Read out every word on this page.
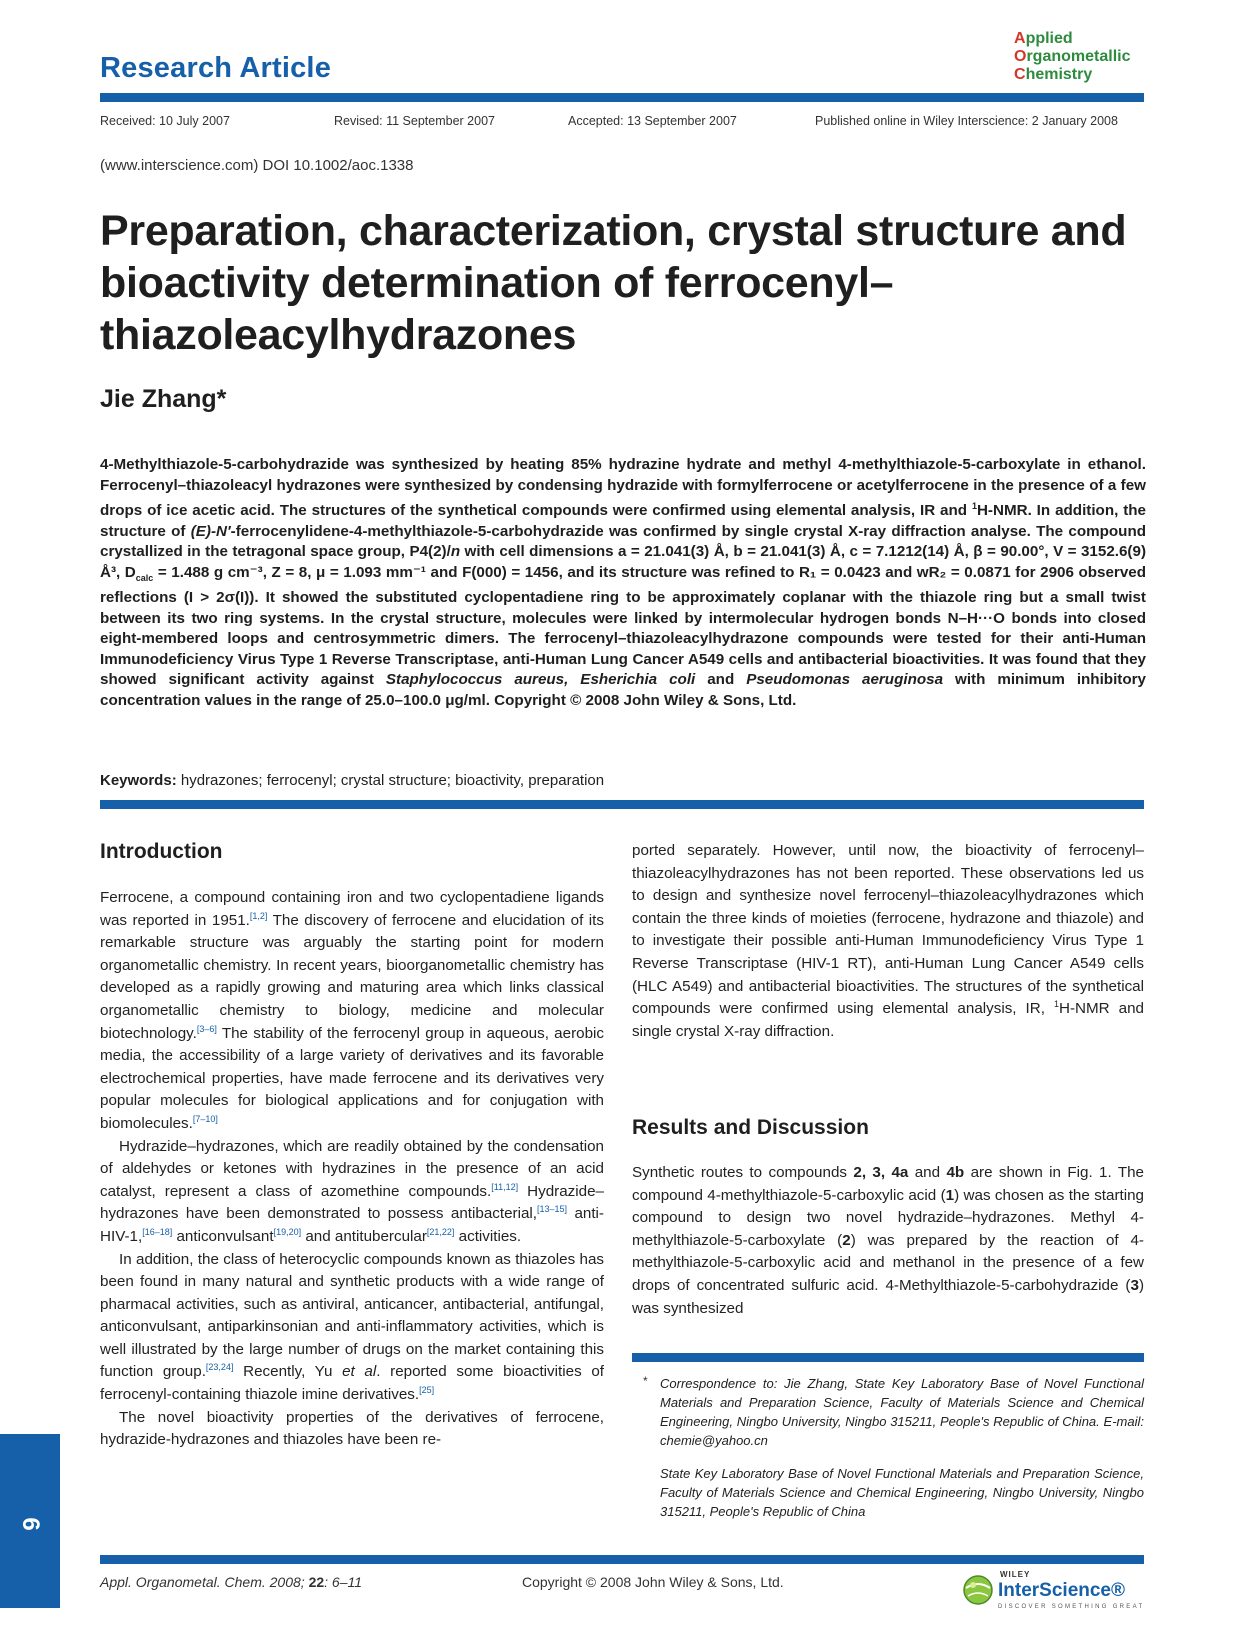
Research Article
Applied
Organometallic
Chemistry
Received: 10 July 2007	Revised: 11 September 2007	Accepted: 13 September 2007	Published online in Wiley Interscience: 2 January 2008
(www.interscience.com) DOI 10.1002/aoc.1338
Preparation, characterization, crystal structure and bioactivity determination of ferrocenyl–thiazoleacylhydrazones
Jie Zhang*
4-Methylthiazole-5-carbohydrazide was synthesized by heating 85% hydrazine hydrate and methyl 4-methylthiazole-5-carboxylate in ethanol. Ferrocenyl–thiazoleacyl hydrazones were synthesized by condensing hydrazide with formylferrocene or acetylferrocene in the presence of a few drops of ice acetic acid. The structures of the synthetical compounds were confirmed using elemental analysis, IR and $^1$H-NMR. In addition, the structure of (E)-N′-ferrocenylidene-4-methylthiazole-5-carbohydrazide was confirmed by single crystal X-ray diffraction analyse. The compound crystallized in the tetragonal space group, P4(2)/n with cell dimensions a = 21.041(3) Å, b = 21.041(3) Å, c = 7.1212(14) Å, β = 90.00°, V = 3152.6(9) Å³, $D_{calc} = 1.488$ g cm⁻³, Z = 8, μ = 1.093 mm⁻¹ and F(000) = 1456, and its structure was refined to R₁ = 0.0423 and wR₂ = 0.0871 for 2906 observed reflections (I > 2σ(I)). It showed the substituted cyclopentadiene ring to be approximately coplanar with the thiazole ring but a small twist between its two ring systems. In the crystal structure, molecules were linked by intermolecular hydrogen bonds N–H···O bonds into closed eight-membered loops and centrosymmetric dimers. The ferrocenyl–thiazoleacylhydrazone compounds were tested for their anti-Human Immunodeficiency Virus Type 1 Reverse Transcriptase, anti-Human Lung Cancer A549 cells and antibacterial bioactivities. It was found that they showed significant activity against Staphylococcus aureus, Esherichia coli and Pseudomonas aeruginosa with minimum inhibitory concentration values in the range of 25.0–100.0 μg/ml. Copyright © 2008 John Wiley & Sons, Ltd.
Keywords: hydrazones; ferrocenyl; crystal structure; bioactivity, preparation
Introduction

Ferrocene, a compound containing iron and two cyclopentadiene ligands was reported in 1951.[1,2] The discovery of ferrocene and elucidation of its remarkable structure was arguably the starting point for modern organometallic chemistry. In recent years, bioorganometallic chemistry has developed as a rapidly growing and maturing area which links classical organometallic chemistry to biology, medicine and molecular biotechnology.[3–6] The stability of the ferrocenyl group in aqueous, aerobic media, the accessibility of a large variety of derivatives and its favorable electrochemical properties, have made ferrocene and its derivatives very popular molecules for biological applications and for conjugation with biomolecules.[7–10]

Hydrazide–hydrazones, which are readily obtained by the condensation of aldehydes or ketones with hydrazines in the presence of an acid catalyst, represent a class of azomethine compounds.[11,12] Hydrazide–hydrazones have been demonstrated to possess antibacterial,[13–15] anti-HIV-1,[16–18] anticonvulsant[19,20] and antitubercular[21,22] activities.

In addition, the class of heterocyclic compounds known as thiazoles has been found in many natural and synthetic products with a wide range of pharmacal activities, such as antiviral, anticancer, antibacterial, antifungal, anticonvulsant, antiparkinsonian and anti-inflammatory activities, which is well illustrated by the large number of drugs on the market containing this function group.[23,24] Recently, Yu et al. reported some bioactivities of ferrocenyl-containing thiazole imine derivatives.[25]

The novel bioactivity properties of the derivatives of ferrocene, hydrazide-hydrazones and thiazoles have been re-

ported separately. However, until now, the bioactivity of ferrocenyl–thiazoleacylhydrazones has not been reported. These observations led us to design and synthesize novel ferrocenyl–thiazoleacylhydrazones which contain the three kinds of moieties (ferrocene, hydrazone and thiazole) and to investigate their possible anti-Human Immunodeficiency Virus Type 1 Reverse Transcriptase (HIV-1 RT), anti-Human Lung Cancer A549 cells (HLC A549) and antibacterial bioactivities. The structures of the synthetical compounds were confirmed using elemental analysis, IR, $^1$H-NMR and single crystal X-ray diffraction.

Results and Discussion

Synthetic routes to compounds 2, 3, 4a and 4b are shown in Fig. 1. The compound 4-methylthiazole-5-carboxylic acid (1) was chosen as the starting compound to design two novel hydrazide–hydrazones. Methyl 4-methylthiazole-5-carboxylate (2) was prepared by the reaction of 4-methylthiazole-5-carboxylic acid and methanol in the presence of a few drops of concentrated sulfuric acid. 4-Methylthiazole-5-carbohydrazide (3) was synthesized

* Correspondence to: Jie Zhang, State Key Laboratory Base of Novel Functional Materials and Preparation Science, Faculty of Materials Science and Chemical Engineering, Ningbo University, Ningbo 315211, People's Republic of China. E-mail: chemie@yahoo.cn

State Key Laboratory Base of Novel Functional Materials and Preparation Science, Faculty of Materials Science and Chemical Engineering, Ningbo University, Ningbo 315211, People's Republic of China

6
Appl. Organometal. Chem. 2008; 22: 6–11	Copyright © 2008 John Wiley & Sons, Ltd.	WILEY
InterScience®
DISCOVER SOMETHING GREAT
